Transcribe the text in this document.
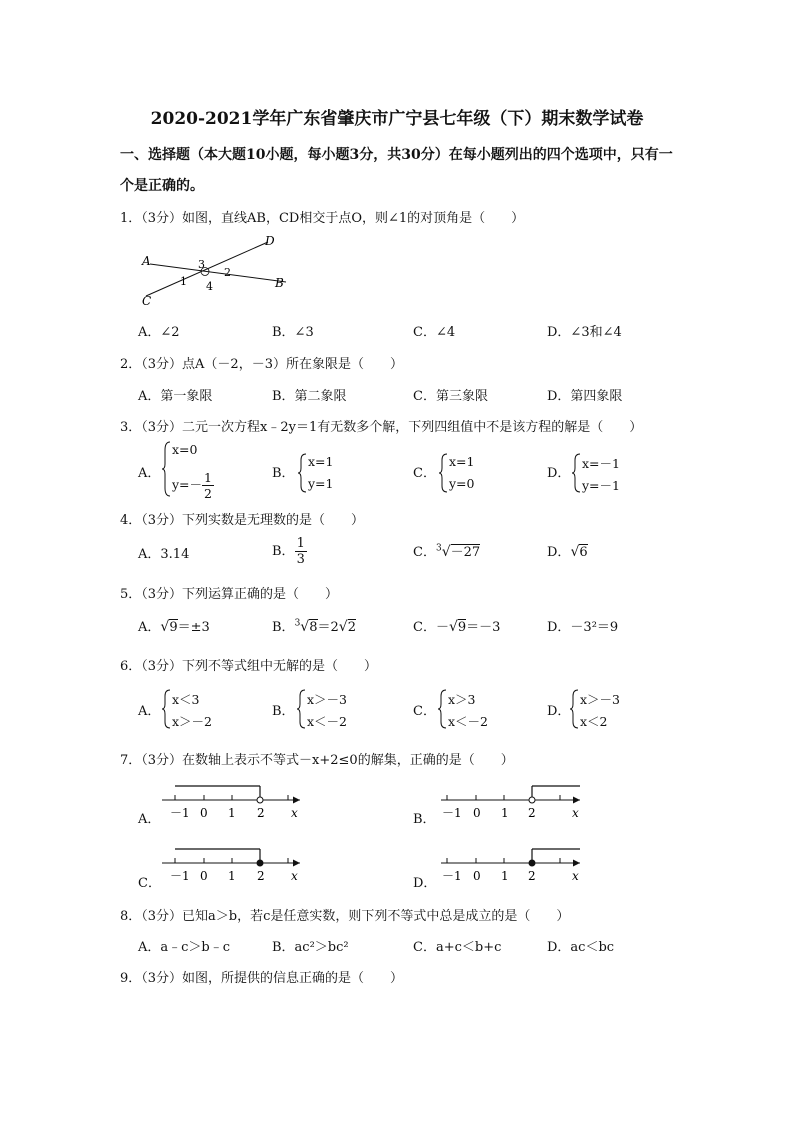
2020-2021学年广东省肇庆市广宁县七年级（下）期末数学试卷
一、选择题（本大题10小题，每小题3分，共30分）在每小题列出的四个选项中，只有一个是正确的。
1．（3分）如图，直线AB，CD相交于点O，则∠1的对顶角是（　　）
A
B
C
D
1
2
3
4
A．∠2	B．∠3	C．∠4	D．∠3和∠4
2．（3分）点A（－2，－3）所在象限是（　　）
A．第一象限	B．第二象限	C．第三象限	D．第四象限
3．（3分）二元一次方程x﹣2y＝1有无数多个解，下列四组值中不是该方程的解是（　　）
A．
x=0
$y=- \frac{1}{2}$	B．
x=1
y=1
C．
x=1
y=0
D．
x=－1
y=－1
4．（3分）下列实数是无理数的是（　　）
A．3.14	B． $\frac{1}{3}$	C．$^3$√－27	D．√6
5．（3分）下列运算正确的是（　　）
A．√9＝±3	B．$^3$√8＝2√2	C．－√9＝－3	D．－3²＝9
6．（3分）下列不等式组中无解的是（　　）
A．
x＜3
x＞－2
B．
x＞－3
x＜－2
C．
x＞3
x＜－2
D．
x＞－3
x＜2
7．（3分）在数轴上表示不等式－x+2≤0的解集，正确的是（　　）
A． －1 0 1 2 x	B． －1 0 1 2	x
C． －1 0 1 2 x	D． －1 0 1 2	x
8．（3分）已知a＞b，若c是任意实数，则下列不等式中总是成立的是（　　）
A．a﹣c＞b﹣c	B．ac²＞bc²	C．a+c＜b+c	D．ac＜bc
9．（3分）如图，所提供的信息正确的是（　　）
